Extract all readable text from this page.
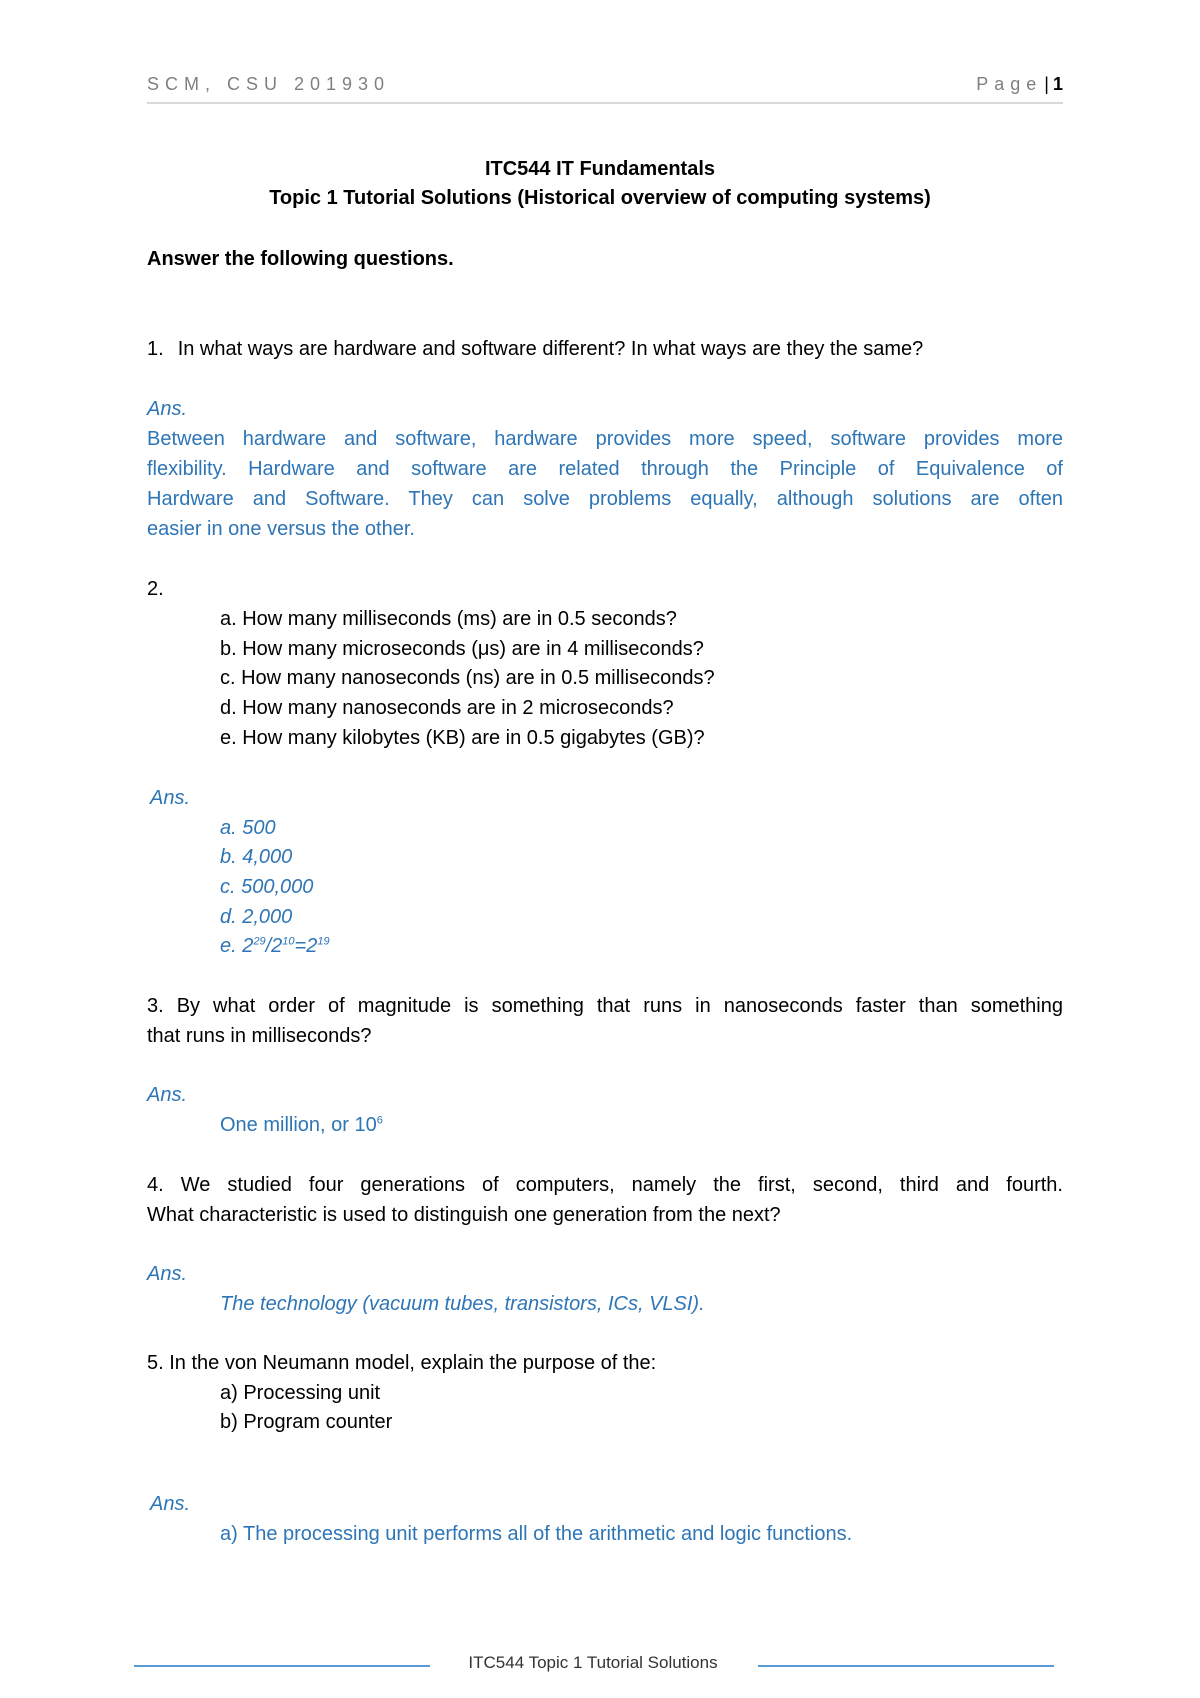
SCM, CSU 201930	Page | 1
ITC544 IT Fundamentals
Topic 1 Tutorial Solutions (Historical overview of computing systems)
Answer the following questions.
1. In what ways are hardware and software different? In what ways are they the same?
Ans.
Between hardware and software, hardware provides more speed, software provides more
flexibility. Hardware and software are related through the Principle of Equivalence of
Hardware and Software. They can solve problems equally, although solutions are often
easier in one versus the other.
2.
a. How many milliseconds (ms) are in 0.5 seconds?
b. How many microseconds (μs) are in 4 milliseconds?
c. How many nanoseconds (ns) are in 0.5 milliseconds?
d. How many nanoseconds are in 2 microseconds?
e. How many kilobytes (KB) are in 0.5 gigabytes (GB)?
Ans.
a. 500
b. 4,000
c. 500,000
d. 2,000
e. $2^{29}/2^{10}=2^{19}$
3. By what order of magnitude is something that runs in nanoseconds faster than something
that runs in milliseconds?
Ans.
One million, or $10^6$
4. We studied four generations of computers, namely the first, second, third and fourth.
What characteristic is used to distinguish one generation from the next?
Ans.
The technology (vacuum tubes, transistors, ICs, VLSI).
5. In the von Neumann model, explain the purpose of the:
a) Processing unit
b) Program counter
Ans.
a) The processing unit performs all of the arithmetic and logic functions.
ITC544 Topic 1 Tutorial Solutions
